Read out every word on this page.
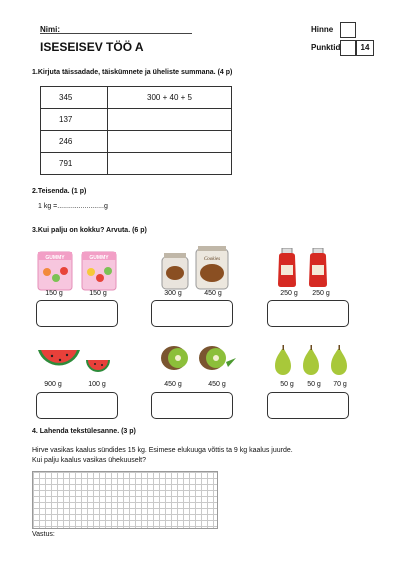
Nimi:
ISESEISEV TÖÖ A
Hinne
Punktid	14
1.Kirjuta täissadade, täiskümnete ja üheliste summana. (4 p)
345	300 + 40 + 5
137	
246	
791	
2.Teisenda. (1 p)
1 kg =........................g
3.Kui palju on kokku? Arvuta. (6 p)
GUMMY	GUMMY
150 g	150 g
Cookies
300 g	450 g	250 g	250 g
900 g	100 g	450 g	450 g	50 g	50 g	70 g
4. Lahenda tekstülesanne. (3 p)
Hirve vasikas kaalus sündides 15 kg. Esimese elukuuga võttis ta 9 kg kaalus juurde.
Kui palju kaalus vasikas ühekuuselt?
Vastus:
